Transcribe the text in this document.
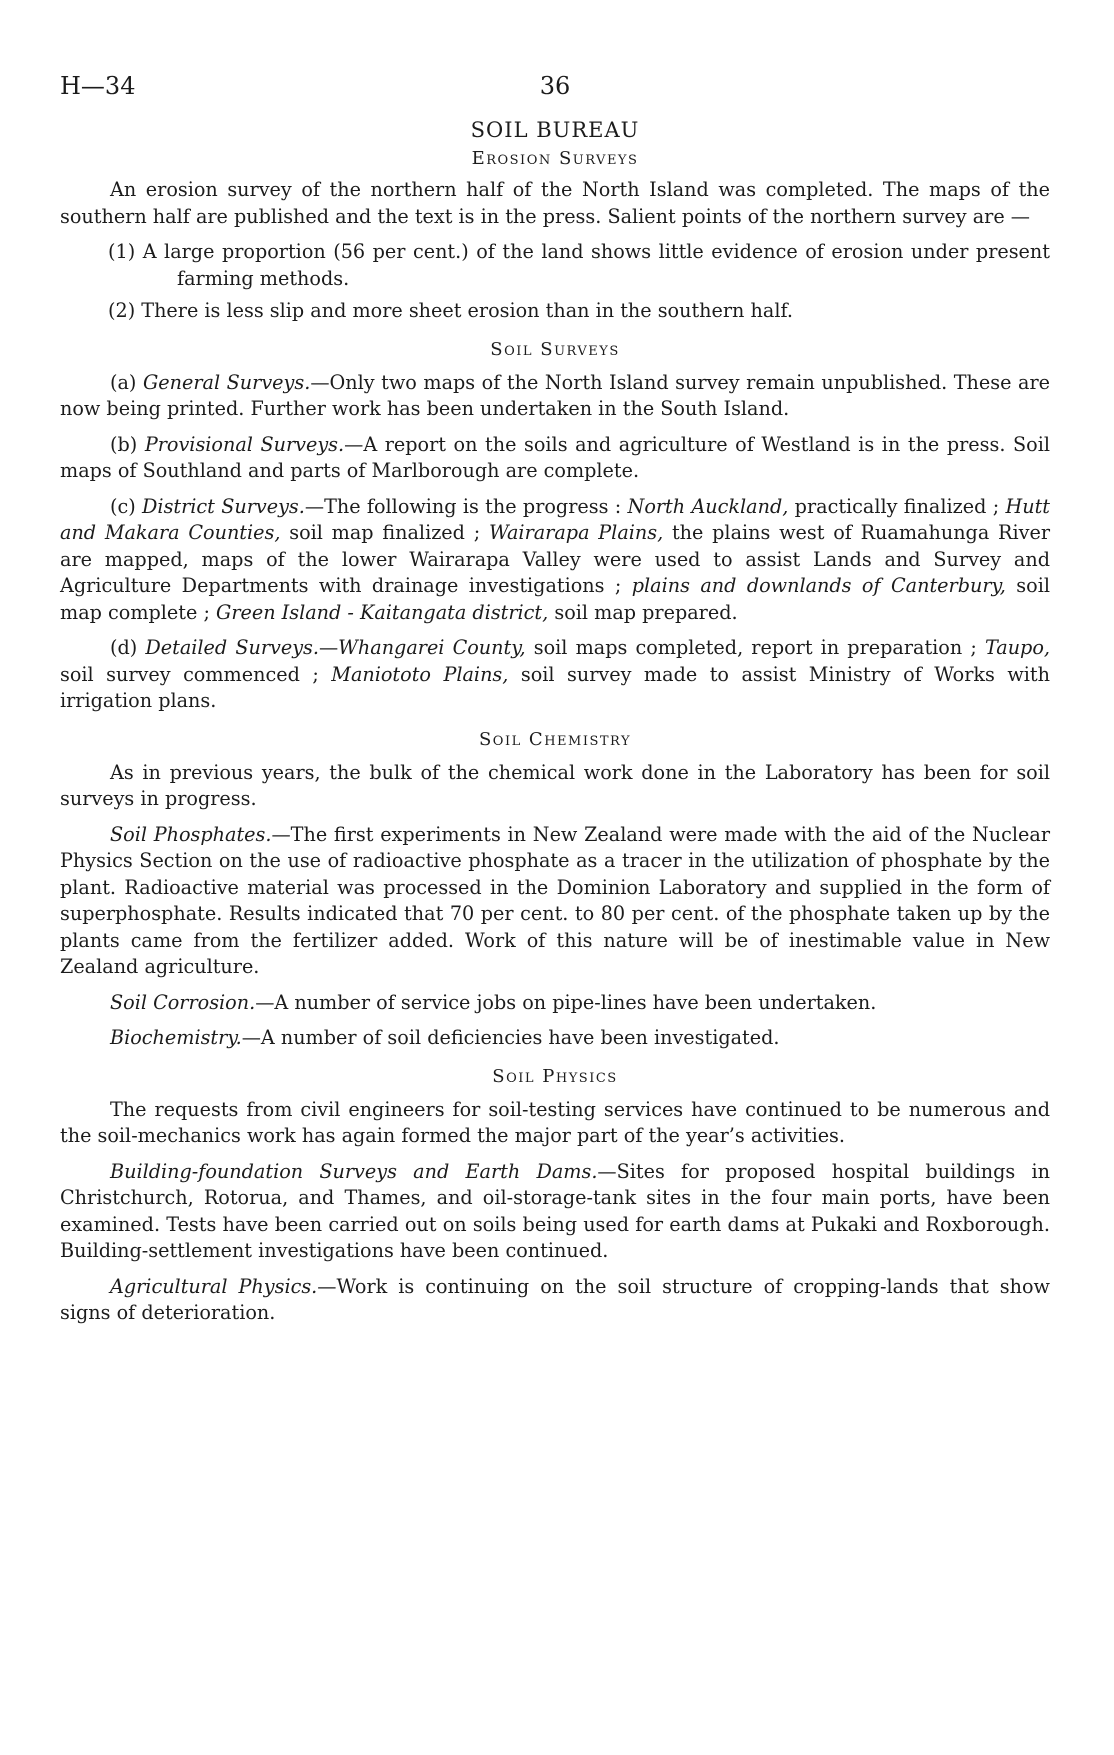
H—34	36
SOIL BUREAU
Erosion Surveys

An erosion survey of the northern half of the North Island was completed. The maps of the southern half are published and the text is in the press. Salient points of the northern survey are —

(1) A large proportion (56 per cent.) of the land shows little evidence of erosion under present farming methods.
(2) There is less slip and more sheet erosion than in the southern half.
Soil Surveys

(a) General Surveys.—Only two maps of the North Island survey remain unpublished. These are now being printed. Further work has been undertaken in the South Island.

(b) Provisional Surveys.—A report on the soils and agriculture of Westland is in the press. Soil maps of Southland and parts of Marlborough are complete.

(c) District Surveys.—The following is the progress : North Auckland, practically finalized ; Hutt and Makara Counties, soil map finalized ; Wairarapa Plains, the plains west of Ruamahunga River are mapped, maps of the lower Wairarapa Valley were used to assist Lands and Survey and Agriculture Departments with drainage investigations ; plains and downlands of Canterbury, soil map complete ; Green Island - Kaitangata district, soil map prepared.

(d) Detailed Surveys.—Whangarei County, soil maps completed, report in preparation ; Taupo, soil survey commenced ; Maniototo Plains, soil survey made to assist Ministry of Works with irrigation plans.

Soil Chemistry

As in previous years, the bulk of the chemical work done in the Laboratory has been for soil surveys in progress.

Soil Phosphates.—The first experiments in New Zealand were made with the aid of the Nuclear Physics Section on the use of radioactive phosphate as a tracer in the utilization of phosphate by the plant. Radioactive material was processed in the Dominion Laboratory and supplied in the form of superphosphate. Results indicated that 70 per cent. to 80 per cent. of the phosphate taken up by the plants came from the fertilizer added. Work of this nature will be of inestimable value in New Zealand agriculture.

Soil Corrosion.—A number of service jobs on pipe-lines have been undertaken.

Biochemistry.—A number of soil deficiencies have been investigated.

Soil Physics

The requests from civil engineers for soil-testing services have continued to be numerous and the soil-mechanics work has again formed the major part of the year’s activities.

Building-foundation Surveys and Earth Dams.—Sites for proposed hospital buildings in Christchurch, Rotorua, and Thames, and oil-storage-tank sites in the four main ports, have been examined. Tests have been carried out on soils being used for earth dams at Pukaki and Roxborough. Building-settlement investigations have been continued.

Agricultural Physics.—Work is continuing on the soil structure of cropping-lands that show signs of deterioration.
